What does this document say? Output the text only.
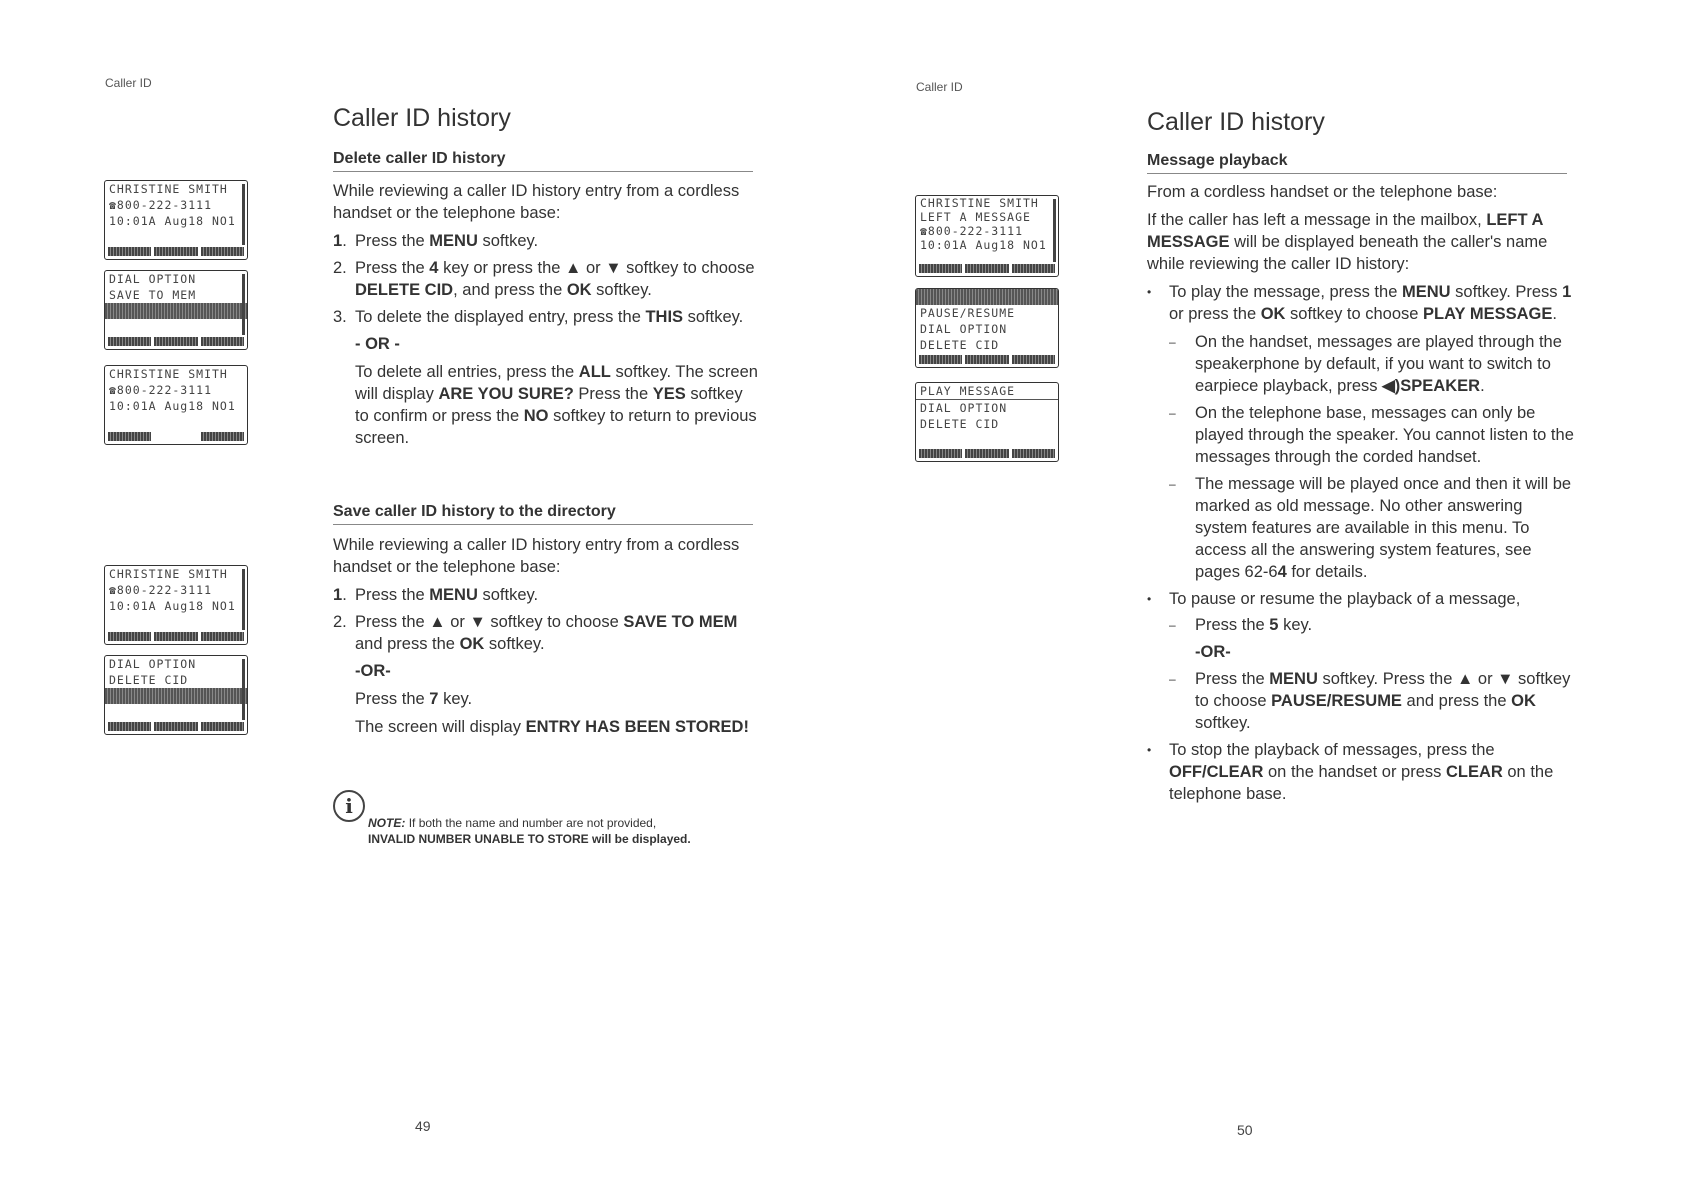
Caller ID
Caller ID history
CHRISTINE SMITH
☎800-222-3111
10:01A Aug18 NO1
DIAL OPTION
SAVE TO MEM
CHRISTINE SMITH
☎800-222-3111
10:01A Aug18 NO1
CHRISTINE SMITH
☎800-222-3111
10:01A Aug18 NO1
DIAL OPTION
DELETE CID
Delete caller ID history

While reviewing a caller ID history entry from a cordless handset or the telephone base:

1. Press the MENU softkey.
2. Press the 4 key or press the ▲ or ▼ softkey to choose DELETE CID, and press the OK softkey.
3. To delete the displayed entry, press the THIS softkey.

- OR -

To delete all entries, press the ALL softkey. The screen will display ARE YOU SURE? Press the YES softkey to confirm or press the NO softkey to return to previous screen.

Save caller ID history to the directory

While reviewing a caller ID history entry from a cordless handset or the telephone base:

1. Press the MENU softkey.
2. Press the ▲ or ▼ softkey to choose SAVE TO MEM and press the OK softkey.

-OR-

Press the 7 key.

The screen will display ENTRY HAS BEEN STORED!

i
NOTE: If both the name and number are not provided,
INVALID NUMBER UNABLE TO STORE will be displayed.
49
Caller ID
Caller ID history
CHRISTINE SMITH
LEFT A MESSAGE
☎800-222-3111
10:01A Aug18 NO1
PAUSE/RESUME
DIAL OPTION
DELETE CID
PLAY MESSAGE
DIAL OPTION
DELETE CID
Message playback

From a cordless handset or the telephone base:

If the caller has left a message in the mailbox, LEFT A MESSAGE will be displayed beneath the caller's name while reviewing the caller ID history:

• To play the message, press the MENU softkey. Press 1 or press the OK softkey to choose PLAY MESSAGE.
– On the handset, messages are played through the speakerphone by default, if you want to switch to earpiece playback, press ◀)SPEAKER.
– On the telephone base, messages can only be played through the speaker. You cannot listen to the messages through the corded handset.
– The message will be played once and then it will be marked as old message. No other answering system features are available in this menu. To access all the answering system features, see pages 62-64 for details.
• To pause or resume the playback of a message,
– Press the 5 key.
-OR-
– Press the MENU softkey. Press the ▲ or ▼ softkey to choose PAUSE/RESUME and press the OK softkey.
• To stop the playback of messages, press the OFF/CLEAR on the handset or press CLEAR on the telephone base.
50
